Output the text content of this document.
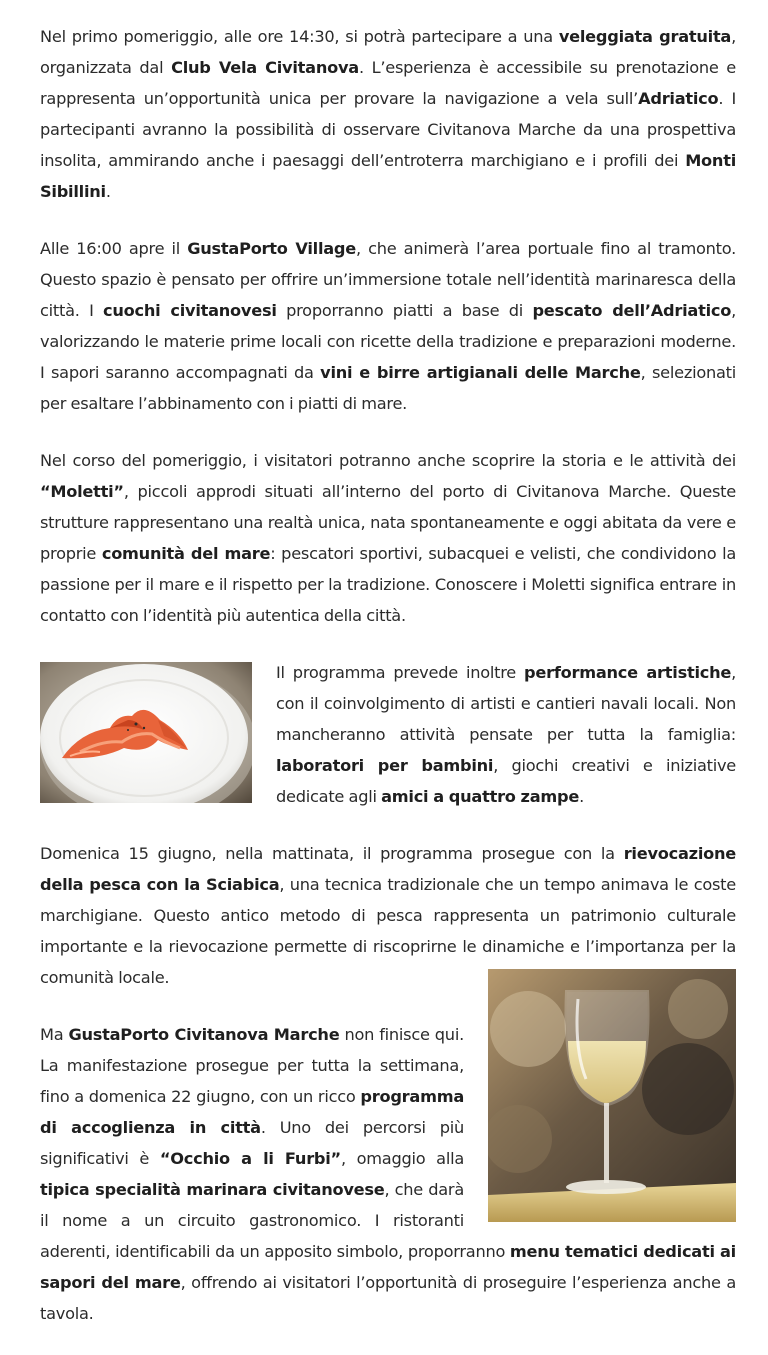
Nel primo pomeriggio, alle ore 14:30, si potrà partecipare a una veleggiata gratuita, organizzata dal Club Vela Civitanova. L’esperienza è accessibile su prenotazione e rappresenta un’opportunità unica per provare la navigazione a vela sull’Adriatico. I partecipanti avranno la possibilità di osservare Civitanova Marche da una prospettiva insolita, ammirando anche i paesaggi dell’entroterra marchigiano e i profili dei Monti Sibillini.

Alle 16:00 apre il GustaPorto Village, che animerà l’area portuale fino al tramonto. Questo spazio è pensato per offrire un’immersione totale nell’identità marinaresca della città. I cuochi civitanovesi proporranno piatti a base di pescato dell’Adriatico, valorizzando le materie prime locali con ricette della tradizione e preparazioni moderne. I sapori saranno accompagnati da vini e birre artigianali delle Marche, selezionati per esaltare l’abbinamento con i piatti di mare.

Nel corso del pomeriggio, i visitatori potranno anche scoprire la storia e le attività dei “Moletti”, piccoli approdi situati all’interno del porto di Civitanova Marche. Queste strutture rappresentano una realtà unica, nata spontaneamente e oggi abitata da vere e proprie comunità del mare: pescatori sportivi, subacquei e velisti, che condividono la passione per il mare e il rispetto per la tradizione. Conoscere i Moletti significa entrare in contatto con l’identità più autentica della città.

Il programma prevede inoltre performance artistiche, con il coinvolgimento di artisti e cantieri navali locali. Non mancheranno attività pensate per tutta la famiglia: laboratori per bambini, giochi creativi e iniziative dedicate agli amici a quattro zampe.

Domenica 15 giugno, nella mattinata, il programma prosegue con la rievocazione della pesca con la Sciabica, una tecnica tradizionale che un tempo animava le coste marchigiane. Questo antico metodo di pesca rappresenta un patrimonio culturale importante e la rievocazione permette di riscoprirne le dinamiche e l’importanza per la comunità locale.

Ma GustaPorto Civitanova Marche non finisce qui. La manifestazione prosegue per tutta la settimana, fino a domenica 22 giugno, con un ricco programma di accoglienza in città. Uno dei percorsi più significativi è “Occhio a li Furbi”, omaggio alla tipica specialità marinara civitanovese, che darà il nome a un circuito gastronomico. I ristoranti aderenti, identificabili da un apposito simbolo, proporranno menu tematici dedicati ai sapori del mare, offrendo ai visitatori l’opportunità di proseguire l’esperienza anche a tavola.
